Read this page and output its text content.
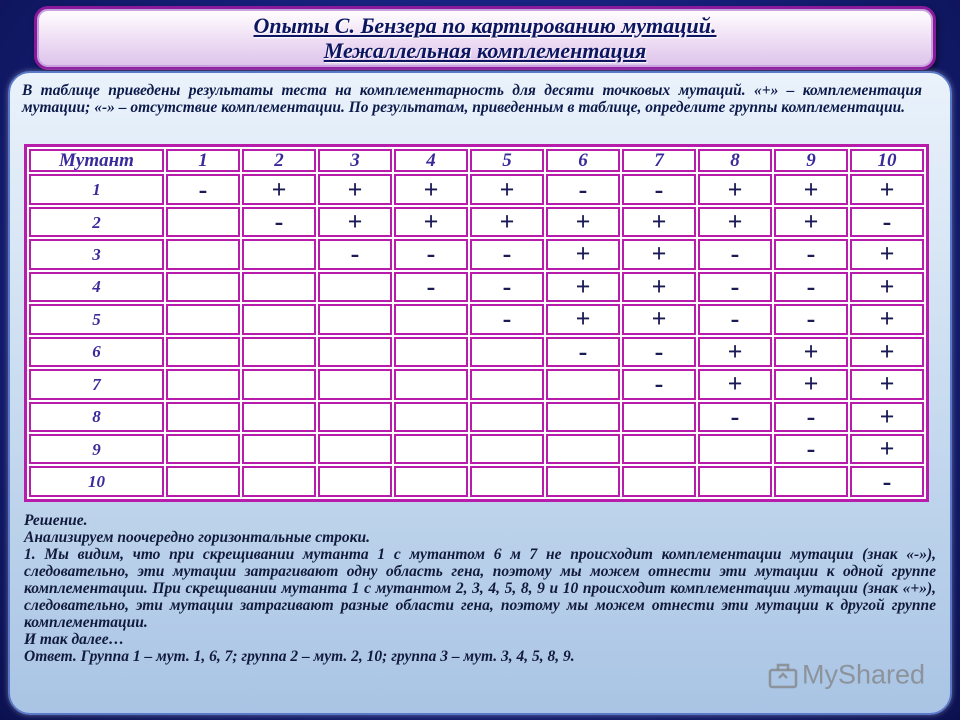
Опыты С. Бензера по картированию мутаций.
Межаллельная комплементация

В таблице приведены результаты теста на комплементарность для десяти точковых мутаций. «+» – комплементация мутации; «-» – отсутствие комплементации. По результатам, приведенным в таблице, определите группы комплементации.

Мутант	1	2	3	4	5	6	7	8	9	10
1	-	+	+	+	+	-	-	+	+	+
2		-	+	+	+	+	+	+	+	-
3			-	-	-	+	+	-	-	+
4				-	-	+	+	-	-	+
5					-	+	+	-	-	+
6						-	-	+	+	+
7							-	+	+	+
8								-	-	+
9									-	+
10										-

Решение.

Анализируем поочередно горизонтальные строки.

1. Мы видим, что при скрещивании мутанта 1 с мутантом 6 м 7 не происходит комплементации мутации (знак «-»), следовательно, эти мутации затрагивают одну область гена, поэтому мы можем отнести эти мутации к одной группе комплементации. При скрещивании мутанта 1 с мутантом 2, 3, 4, 5, 8, 9 и 10 происходит комплементации мутации (знак «+»), следовательно, эти мутации затрагивают разные области гена, поэтому мы можем отнести эти мутации к другой группе комплементации.

И так далее…

Ответ. Группа 1 – мут. 1, 6, 7; группа 2 – мут. 2, 10; группа 3 – мут. 3, 4, 5, 8, 9.

MyShared
